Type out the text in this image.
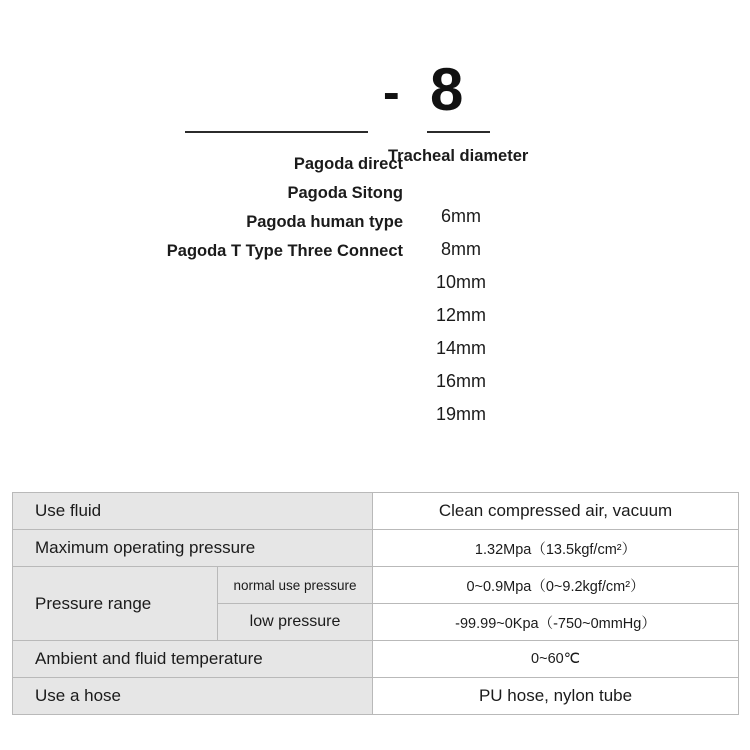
- 8
Tracheal diameter
Pagoda direct
Pagoda Sitong
Pagoda human type
Pagoda T Type Three Connect
6mm
8mm
10mm
12mm
14mm
16mm
19mm
Use fluid		Clean compressed air, vacuum
Maximum operating pressure		1.32Mpa（13.5kgf/cm²）
Pressure range	normal use pressure	0~0.9Mpa（0~9.2kgf/cm²）
	low pressure	-99.99~0Kpa（-750~0mmHg）
Ambient and fluid temperature		0~60℃
Use a hose		PU hose, nylon tube
